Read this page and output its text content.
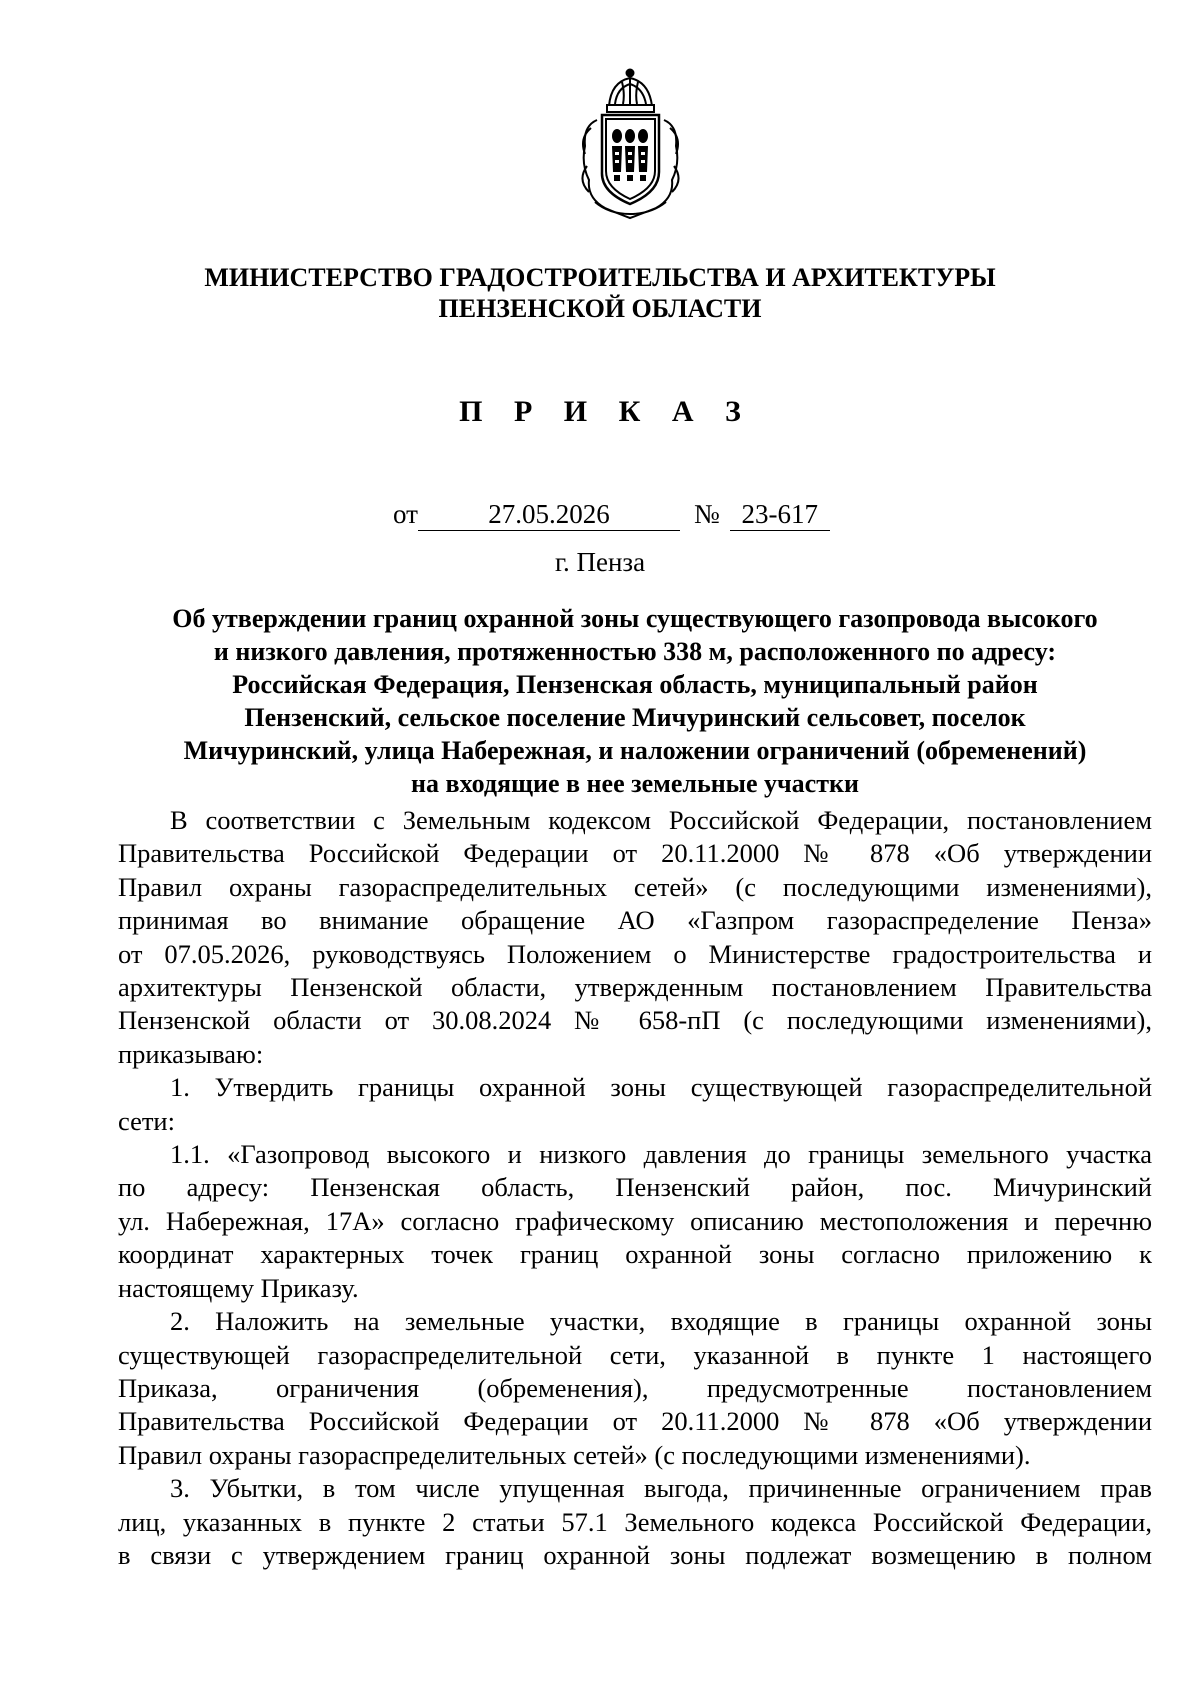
МИНИСТЕРСТВО ГРАДОСТРОИТЕЛЬСТВА И АРХИТЕКТУРЫ
ПЕНЗЕНСКОЙ ОБЛАСТИ
П Р И К А З
от	27.05.2026	№ 23-617
г. Пенза
Об утверждении границ охранной зоны существующего газопровода высокого
и низкого давления, протяженностью 338 м, расположенного по адресу:
Российская Федерация, Пензенская область, муниципальный район
Пензенский, сельское поселение Мичуринский сельсовет, поселок
Мичуринский, улица Набережная, и наложении ограничений (обременений)
на входящие в нее земельные участки
В соответствии с Земельным кодексом Российской Федерации, постановлением
Правительства Российской Федерации от 20.11.2000 № 878 «Об утверждении
Правил охраны газораспределительных сетей» (с последующими изменениями),
принимая во внимание обращение АО «Газпром газораспределение Пенза»
от 07.05.2026, руководствуясь Положением о Министерстве градостроительства и
архитектуры Пензенской области, утвержденным постановлением Правительства
Пензенской области от 30.08.2024 № 658-пП (с последующими изменениями),
приказываю:
1. Утвердить границы охранной зоны существующей газораспределительной
сети:
1.1. «Газопровод высокого и низкого давления до границы земельного участка
по адресу: Пензенская область, Пензенский район, пос. Мичуринский
ул. Набережная, 17А» согласно графическому описанию местоположения и перечню
координат характерных точек границ охранной зоны согласно приложению к
настоящему Приказу.
2. Наложить на земельные участки, входящие в границы охранной зоны
существующей газораспределительной сети, указанной в пункте 1 настоящего
Приказа, ограничения (обременения), предусмотренные постановлением
Правительства Российской Федерации от 20.11.2000 № 878 «Об утверждении
Правил охраны газораспределительных сетей» (с последующими изменениями).
3. Убытки, в том числе упущенная выгода, причиненные ограничением прав
лиц, указанных в пункте 2 статьи 57.1 Земельного кодекса Российской Федерации,
в связи с утверждением границ охранной зоны подлежат возмещению в полном
